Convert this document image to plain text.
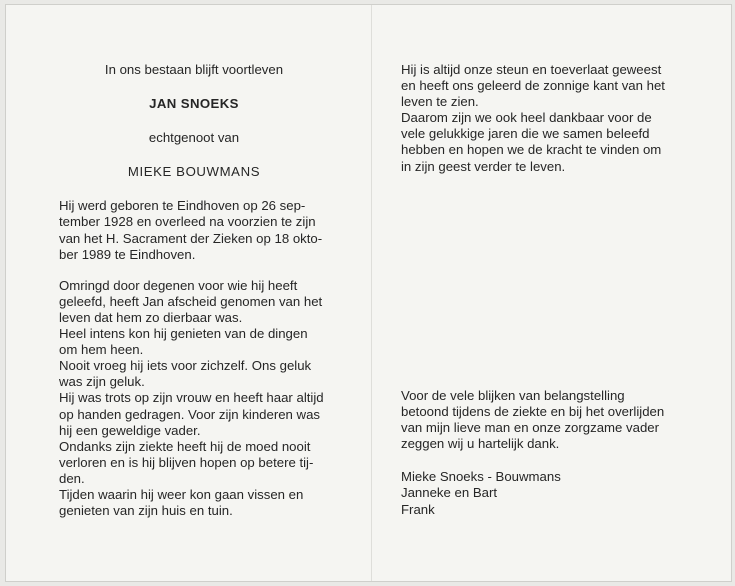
In ons bestaan blijft voortleven
JAN SNOEKS
echtgenoot van
MIEKE BOUWMANS
Hij werd geboren te Eindhoven op 26 sep-
tember 1928 en overleed na voorzien te zijn
van het H. Sacrament der Zieken op 18 okto-
ber 1989 te Eindhoven.
Omringd door degenen voor wie hij heeft
geleefd, heeft Jan afscheid genomen van het
leven dat hem zo dierbaar was.
Heel intens kon hij genieten van de dingen
om hem heen.
Nooit vroeg hij iets voor zichzelf. Ons geluk
was zijn geluk.
Hij was trots op zijn vrouw en heeft haar altijd
op handen gedragen. Voor zijn kinderen was
hij een geweldige vader.
Ondanks zijn ziekte heeft hij de moed nooit
verloren en is hij blijven hopen op betere tij-
den.
Tijden waarin hij weer kon gaan vissen en
genieten van zijn huis en tuin.
Hij is altijd onze steun en toeverlaat geweest
en heeft ons geleerd de zonnige kant van het
leven te zien.
Daarom zijn we ook heel dankbaar voor de
vele gelukkige jaren die we samen beleefd
hebben en hopen we de kracht te vinden om
in zijn geest verder te leven.
Voor de vele blijken van belangstelling
betoond tijdens de ziekte en bij het overlijden
van mijn lieve man en onze zorgzame vader
zeggen wij u hartelijk dank.
Mieke Snoeks - Bouwmans
Janneke en Bart
Frank
